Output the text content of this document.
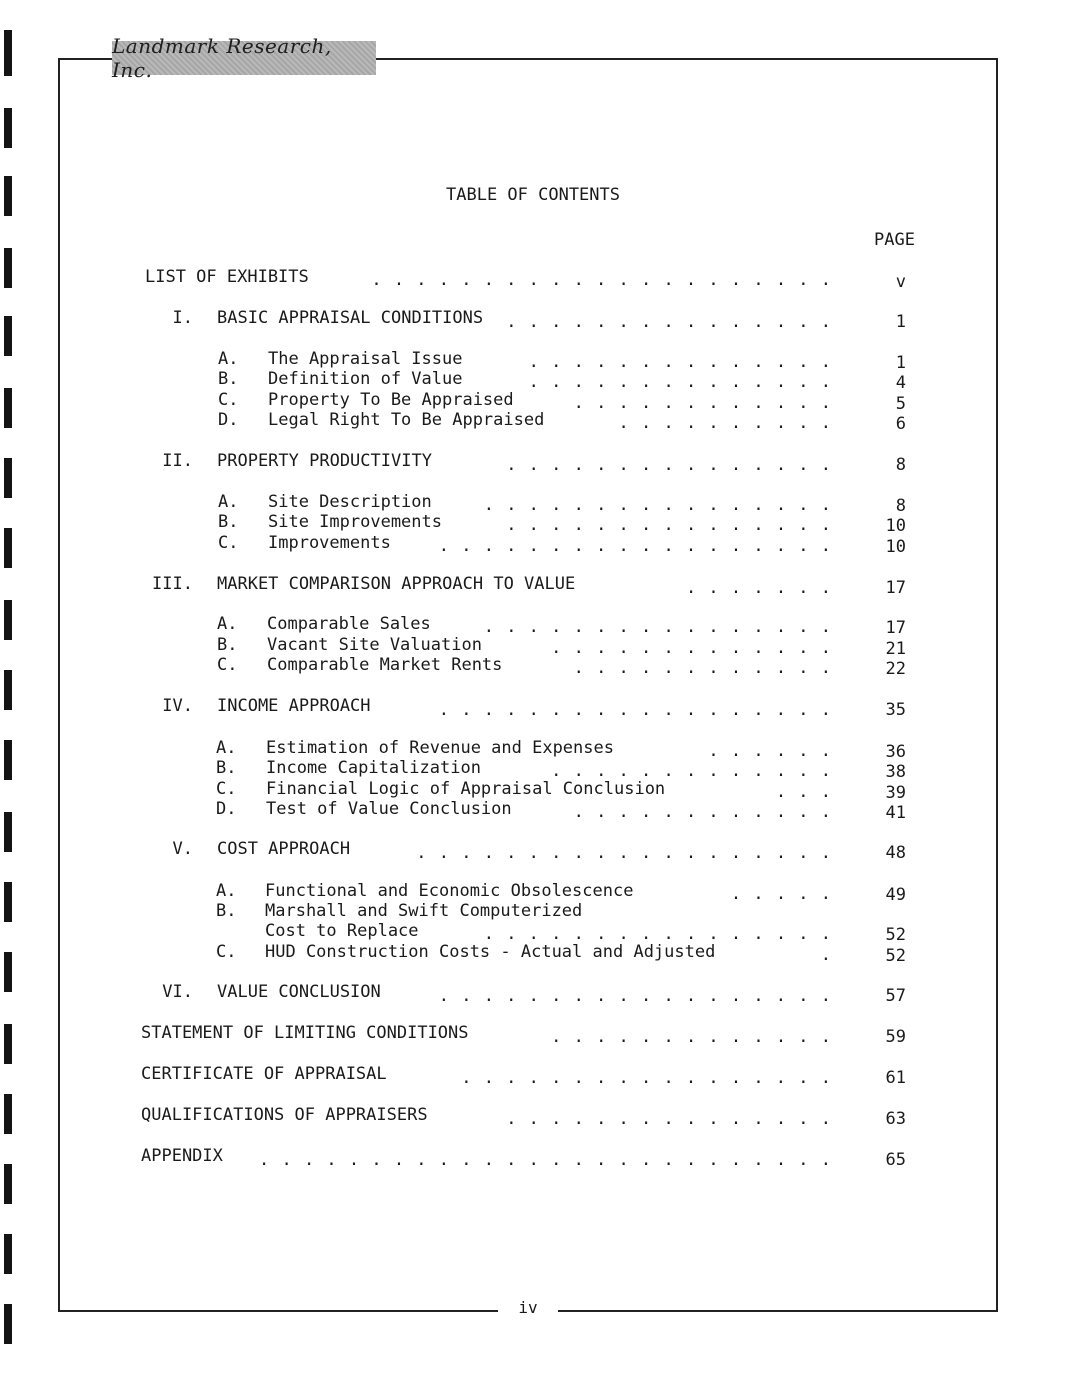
Landmark Research, Inc.
TABLE OF CONTENTS
PAGE
LIST OF EXHIBITS	. . . . . . . . . . . . . . . . . . . . .	v
I. BASIC APPRAISAL CONDITIONS	. . . . . . . . . . . . . . .	1
A. The Appraisal Issue	. . . . . . . . . . . . . .	1
B. Definition of Value	. . . . . . . . . . . . . .	4
C. Property To Be Appraised	. . . . . . . . . . . .	5
D. Legal Right To Be Appraised	. . . . . . . . . .	6
II. PROPERTY PRODUCTIVITY	. . . . . . . . . . . . . . .	8
A. Site Description	. . . . . . . . . . . . . . . .	8
B. Site Improvements	. . . . . . . . . . . . . . .	10
C. Improvements	. . . . . . . . . . . . . . . . . .	10
III. MARKET COMPARISON APPROACH TO VALUE	. . . . . . .	17
A. Comparable Sales	. . . . . . . . . . . . . . . .	17
B. Vacant Site Valuation	. . . . . . . . . . . . .	21
C. Comparable Market Rents	. . . . . . . . . . . .	22
IV. INCOME APPROACH	. . . . . . . . . . . . . . . . . .	35
A. Estimation of Revenue and Expenses	. . . . . .	36
B. Income Capitalization	. . . . . . . . . . . . .	38
C. Financial Logic of Appraisal Conclusion	. . .	39
D. Test of Value Conclusion	. . . . . . . . . . . .	41
V. COST APPROACH	. . . . . . . . . . . . . . . . . . .	48
A. Functional and Economic Obsolescence	. . . . .	49
B. Marshall and Swift Computerized
Cost to Replace	. . . . . . . . . . . . . . . .	52
C. HUD Construction Costs - Actual and Adjusted	.	52
VI. VALUE CONCLUSION	. . . . . . . . . . . . . . . . . .	57
STATEMENT OF LIMITING CONDITIONS	. . . . . . . . . . . . .	59
CERTIFICATE OF APPRAISAL	. . . . . . . . . . . . . . . . .	61
QUALIFICATIONS OF APPRAISERS	. . . . . . . . . . . . . . .	63
APPENDIX	. . . . . . . . . . . . . . . . . . . . . . . . . .	65
iv
